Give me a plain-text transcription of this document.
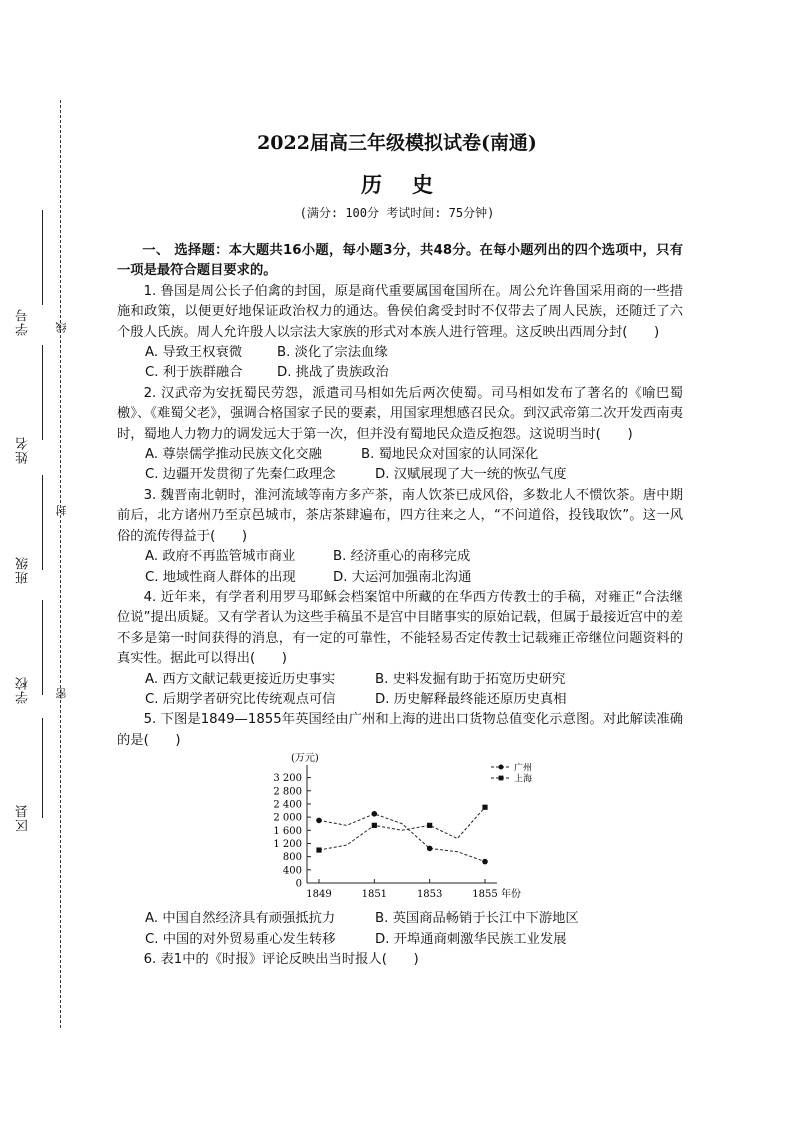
学号
姓名
班级
学校
区县
线
封
密
2022届高三年级模拟试卷(南通)
历史
(满分: 100分 考试时间: 75分钟)

一、 选择题：本大题共16小题，每小题3分，共48分。在每小题列出的四个选项中，只有一项是最符合题目要求的。

1. 鲁国是周公长子伯禽的封国，原是商代重要属国奄国所在。周公允许鲁国采用商的一些措施和政策，以便更好地保证政治权力的通达。鲁侯伯禽受封时不仅带去了周人民族，还随迁了六个殷人氏族。周人允许殷人以宗法大家族的形式对本族人进行管理。这反映出西周分封(　　)

A. 导致王权衰微	B. 淡化了宗法血缘
C. 利于族群融合	D. 挑战了贵族政治

2. 汉武帝为安抚蜀民劳怨，派遣司马相如先后两次使蜀。司马相如发布了著名的《喻巴蜀檄》、《难蜀父老》，强调合格国家子民的要素，用国家理想感召民众。到汉武帝第二次开发西南夷时，蜀地人力物力的调发远大于第一次，但并没有蜀地民众造反抱怨。这说明当时(　　)

A. 尊崇儒学推动民族文化交融	B. 蜀地民众对国家的认同深化
C. 边疆开发贯彻了先秦仁政理念	D. 汉赋展现了大一统的恢弘气度

3. 魏晋南北朝时，淮河流域等南方多产茶，南人饮茶已成风俗，多数北人不惯饮茶。唐中期前后，北方诸州乃至京邑城市，茶店茶肆遍布，四方往来之人，“不问道俗，投钱取饮”。这一风俗的流传得益于(　　)

A. 政府不再监管城市商业	B. 经济重心的南移完成
C. 地域性商人群体的出现	D. 大运河加强南北沟通

4. 近年来，有学者利用罗马耶稣会档案馆中所藏的在华西方传教士的手稿，对雍正“合法继位说”提出质疑。又有学者认为这些手稿虽不是宫中目睹事实的原始记载，但属于最接近宫中的差不多是第一时间获得的消息，有一定的可靠性，不能轻易否定传教士记载雍正帝继位问题资料的真实性。据此可以得出(　　)

A. 西方文献记载更接近历史事实	B. 史料发掘有助于拓宽历史研究
C. 后期学者研究比传统观点可信	D. 历史解释最终能还原历史真相

5. 下图是1849—1855年英国经由广州和上海的进出口货物总值变化示意图。对此解读准确的是(　　)

(万元)
0
400
800
1 200
1 600
2 000
2 400
2 800
3 200
1849	1851	1853	1855 年份
广州
上海
A. 中国自然经济具有顽强抵抗力	B. 英国商品畅销于长江中下游地区
C. 中国的对外贸易重心发生转移	D. 开埠通商刺激华民族工业发展

6. 表1中的《时报》评论反映出当时报人(　　)
